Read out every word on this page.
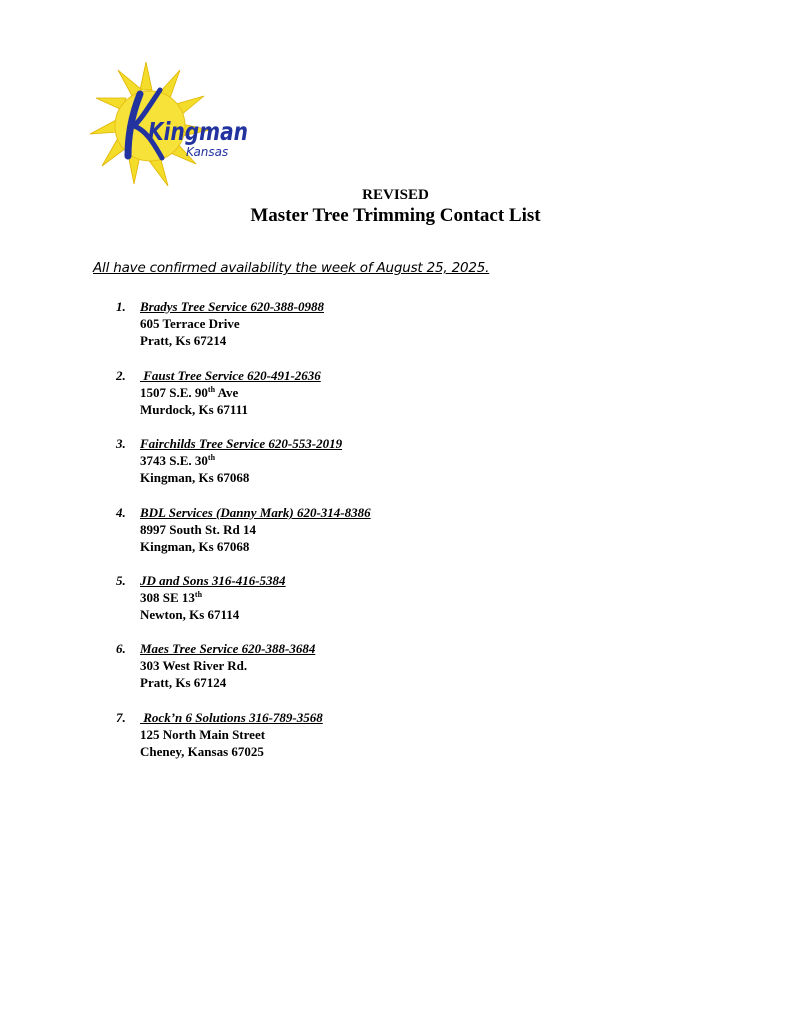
Kingman
Kansas
REVISED
Master Tree Trimming Contact List
All have confirmed availability the week of August 25, 2025.
1. Bradys Tree Service 620-388-0988
605 Terrace Drive
Pratt, Ks 67214
2. Faust Tree Service 620-491-2636
1507 S.E. 90th Ave
Murdock, Ks 67111
3. Fairchilds Tree Service 620-553-2019
3743 S.E. 30th
Kingman, Ks 67068
4. BDL Services (Danny Mark) 620-314-8386
8997 South St. Rd 14
Kingman, Ks 67068
5. JD and Sons 316-416-5384
308 SE 13th
Newton, Ks 67114
6. Maes Tree Service 620-388-3684
303 West River Rd.
Pratt, Ks 67124
7. Rock’n 6 Solutions 316-789-3568
125 North Main Street
Cheney, Kansas 67025
